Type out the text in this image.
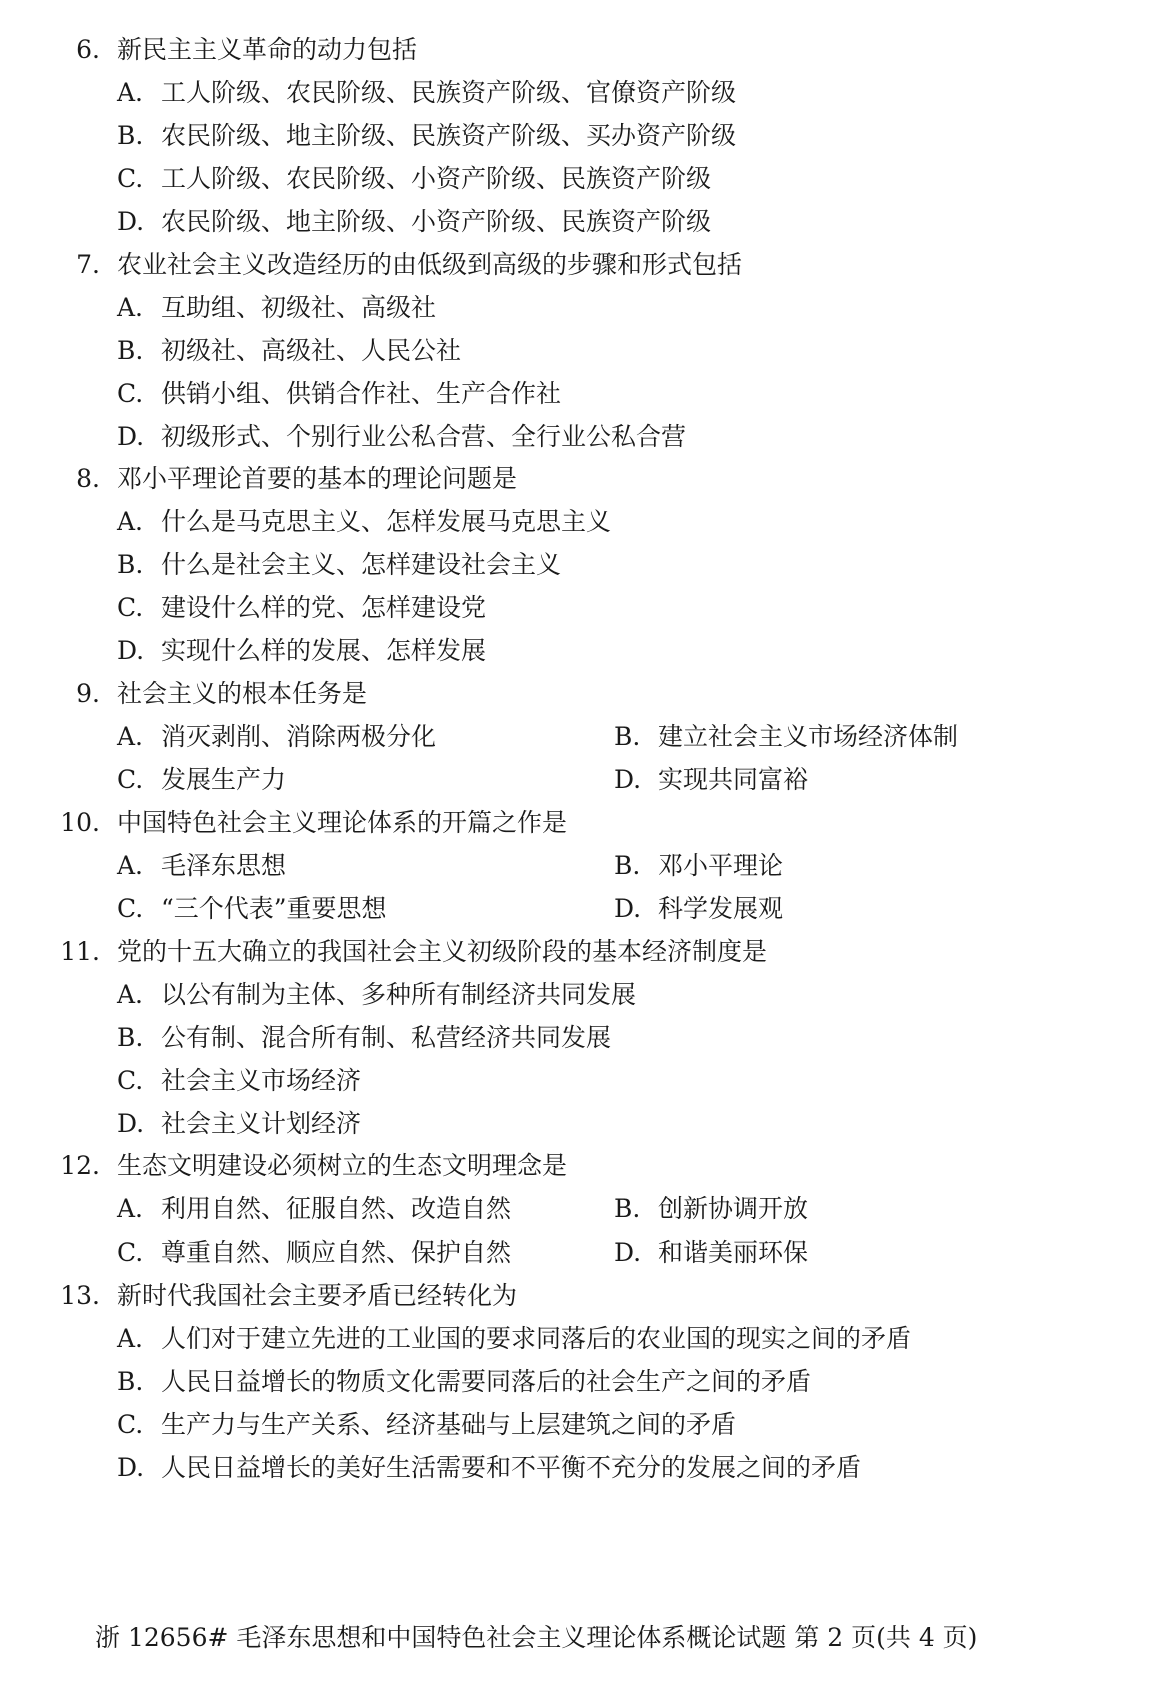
6. 新民主主义革命的动力包括
A. 工人阶级、农民阶级、民族资产阶级、官僚资产阶级
B. 农民阶级、地主阶级、民族资产阶级、买办资产阶级
C. 工人阶级、农民阶级、小资产阶级、民族资产阶级
D. 农民阶级、地主阶级、小资产阶级、民族资产阶级
7. 农业社会主义改造经历的由低级到高级的步骤和形式包括
A. 互助组、初级社、高级社
B. 初级社、高级社、人民公社
C. 供销小组、供销合作社、生产合作社
D. 初级形式、个别行业公私合营、全行业公私合营
8. 邓小平理论首要的基本的理论问题是
A. 什么是马克思主义、怎样发展马克思主义
B. 什么是社会主义、怎样建设社会主义
C. 建设什么样的党、怎样建设党
D. 实现什么样的发展、怎样发展
9. 社会主义的根本任务是
A. 消灭剥削、消除两极分化	B. 建立社会主义市场经济体制
C. 发展生产力	D. 实现共同富裕
10. 中国特色社会主义理论体系的开篇之作是
A. 毛泽东思想	B. 邓小平理论
C. “三个代表”重要思想	D. 科学发展观
11. 党的十五大确立的我国社会主义初级阶段的基本经济制度是
A. 以公有制为主体、多种所有制经济共同发展
B. 公有制、混合所有制、私营经济共同发展
C. 社会主义市场经济
D. 社会主义计划经济
12. 生态文明建设必须树立的生态文明理念是
A. 利用自然、征服自然、改造自然	B. 创新协调开放
C. 尊重自然、顺应自然、保护自然	D. 和谐美丽环保
13. 新时代我国社会主要矛盾已经转化为
A. 人们对于建立先进的工业国的要求同落后的农业国的现实之间的矛盾
B. 人民日益增长的物质文化需要同落后的社会生产之间的矛盾
C. 生产力与生产关系、经济基础与上层建筑之间的矛盾
D. 人民日益增长的美好生活需要和不平衡不充分的发展之间的矛盾
浙 12656# 毛泽东思想和中国特色社会主义理论体系概论试题 第 2 页(共 4 页)
